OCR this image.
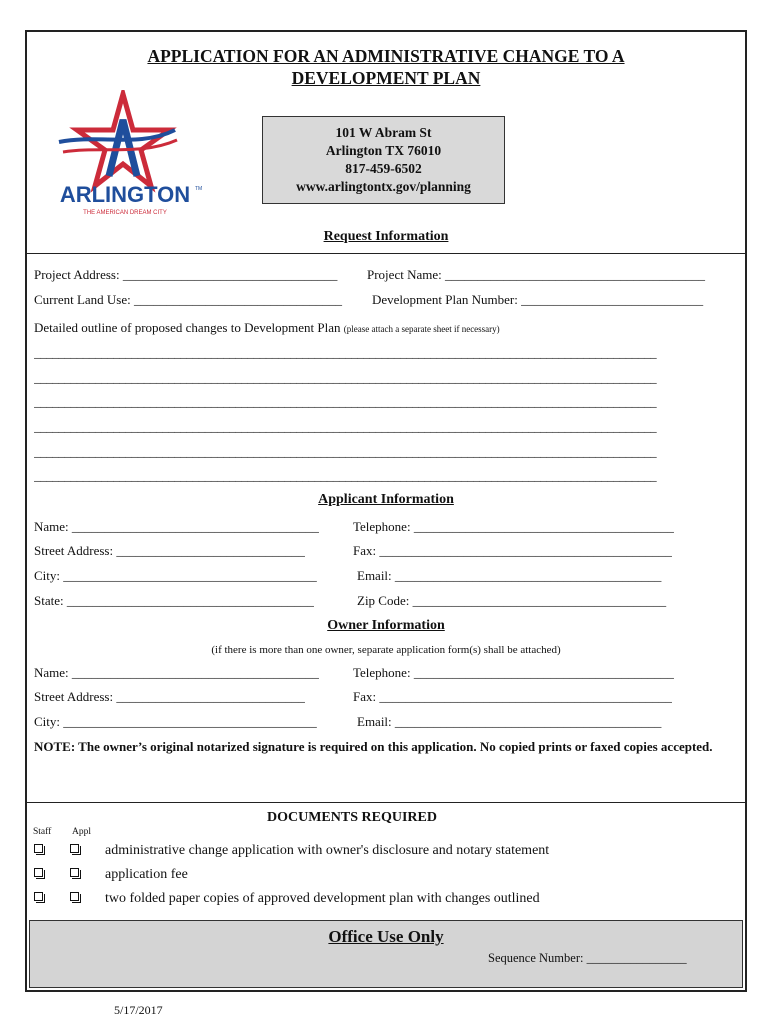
APPLICATION FOR AN ADMINISTRATIVE CHANGE TO A
DEVELOPMENT PLAN
ARLINGTON TM
THE AMERICAN DREAM CITY
101 W Abram St
Arlington TX 76010
817-459-6502
www.arlingtontx.gov/planning
Request Information
Project Address: _________________________________ Project Name: ________________________________________
Current Land Use: ________________________________ Development Plan Number: ____________________________
Detailed outline of proposed changes to Development Plan (please attach a separate sheet if necessary)
______________________________________________________________________________________________________
______________________________________________________________________________________________________
______________________________________________________________________________________________________
______________________________________________________________________________________________________
______________________________________________________________________________________________________
______________________________________________________________________________________________________
Applicant Information
Name: ______________________________________	Telephone: ________________________________________
Street Address: _____________________________	Fax: _____________________________________________
City: _______________________________________	Email: _________________________________________
State: ______________________________________	Zip Code: _______________________________________
Owner Information
(if there is more than one owner, separate application form(s) shall be attached)
Name: ______________________________________	Telephone: ________________________________________
Street Address: _____________________________	Fax: _____________________________________________
City: _______________________________________	Email: _________________________________________
NOTE: The owner’s original notarized signature is required on this application. No copied prints or faxed copies accepted.
DOCUMENTS REQUIRED
Staff Appl
administrative change application with owner's disclosure and notary statement
application fee
two folded paper copies of approved development plan with changes outlined
Office Use Only
Sequence Number: ________________
5/17/2017
